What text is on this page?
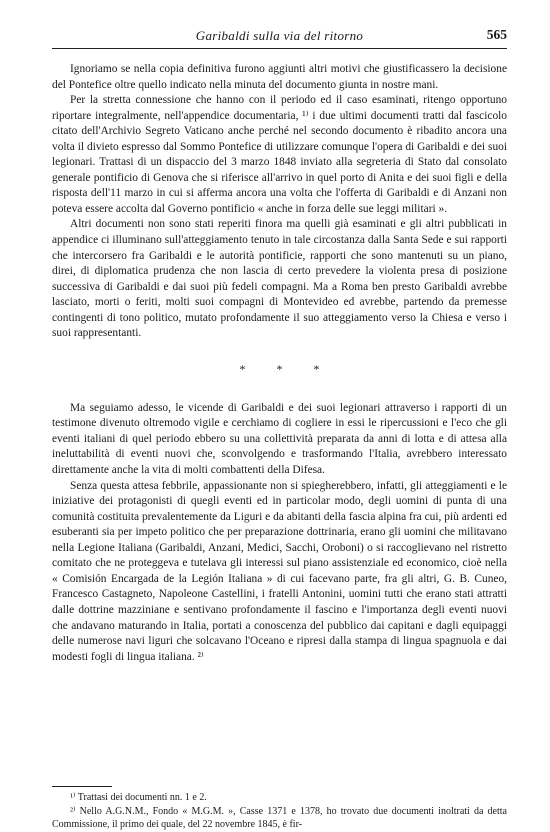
Garibaldi sulla via del ritorno	565

Ignoriamo se nella copia definitiva furono aggiunti altri motivi che giustificassero la decisione del Pontefice oltre quello indicato nella minuta del documento giunta in nostre mani.

Per la stretta connessione che hanno con il periodo ed il caso esaminati, ritengo opportuno riportare integralmente, nell'appendice documentaria, ¹⁾ i due ultimi documenti tratti dal fascicolo citato dell'Archivio Segreto Vaticano anche perché nel secondo documento è ribadito ancora una volta il divieto espresso dal Sommo Pontefice di utilizzare comunque l'opera di Garibaldi e dei suoi legionari. Trattasi di un dispaccio del 3 marzo 1848 inviato alla segreteria di Stato dal consolato generale pontificio di Genova che si riferisce all'arrivo in quel porto di Anita e dei suoi figli e della risposta dell'11 marzo in cui si afferma ancora una volta che l'offerta di Garibaldi e di Anzani non poteva essere accolta dal Governo pontificio « anche in forza delle sue leggi militari ».

Altri documenti non sono stati reperiti finora ma quelli già esaminati e gli altri pubblicati in appendice ci illuminano sull'atteggiamento tenuto in tale circostanza dalla Santa Sede e sui rapporti che intercorsero fra Garibaldi e le autorità pontificie, rapporti che sono mantenuti su un piano, direi, di diplomatica prudenza che non lascia di certo prevedere la violenta presa di posizione successiva di Garibaldi e dai suoi più fedeli compagni. Ma a Roma ben presto Garibaldi avrebbe lasciato, morti o feriti, molti suoi compagni di Montevideo ed avrebbe, partendo da premesse contingenti di tono politico, mutato profondamente il suo atteggiamento verso la Chiesa e verso i suoi rappresentanti.

* * *

Ma seguiamo adesso, le vicende di Garibaldi e dei suoi legionari attraverso i rapporti di un testimone divenuto oltremodo vigile e cerchiamo di cogliere in essi le ripercussioni e l'eco che gli eventi italiani di quel periodo ebbero su una collettività preparata da anni di lotta e di attesa alla ineluttabilità di eventi nuovi che, sconvolgendo e trasformando l'Italia, avrebbero interessato direttamente anche la vita di molti combattenti della Difesa.

Senza questa attesa febbrile, appassionante non si spiegherebbero, infatti, gli atteggiamenti e le iniziative dei protagonisti di quegli eventi ed in particolar modo, degli uomini di punta di una comunità costituita prevalentemente da Liguri e da abitanti della fascia alpina fra cui, più ardenti ed esuberanti sia per impeto politico che per preparazione dottrinaria, erano gli uomini che militavano nella Legione Italiana (Garibaldi, Anzani, Medici, Sacchi, Oroboni) o si raccoglievano nel ristretto comitato che ne proteggeva e tutelava gli interessi sul piano assistenziale ed economico, cioè nella « Comisión Encargada de la Legión Italiana » di cui facevano parte, fra gli altri, G. B. Cuneo, Francesco Castagneto, Napoleone Castellini, i fratelli Antonini, uomini tutti che erano stati attratti dalle dottrine mazziniane e sentivano profondamente il fascino e l'importanza degli eventi nuovi che andavano maturando in Italia, portati a conoscenza del pubblico dai capitani e dagli equipaggi delle numerose navi liguri che solcavano l'Oceano e ripresi dalla stampa di lingua spagnuola e dai modesti fogli di lingua italiana. ²⁾

¹⁾ Trattasi dei documenti nn. 1 e 2.

²⁾ Nello A.G.N.M., Fondo « M.G.M. », Casse 1371 e 1378, ho trovato due documenti inoltrati da detta Commissione, il primo dei quale, del 22 novembre 1845, è fir-
